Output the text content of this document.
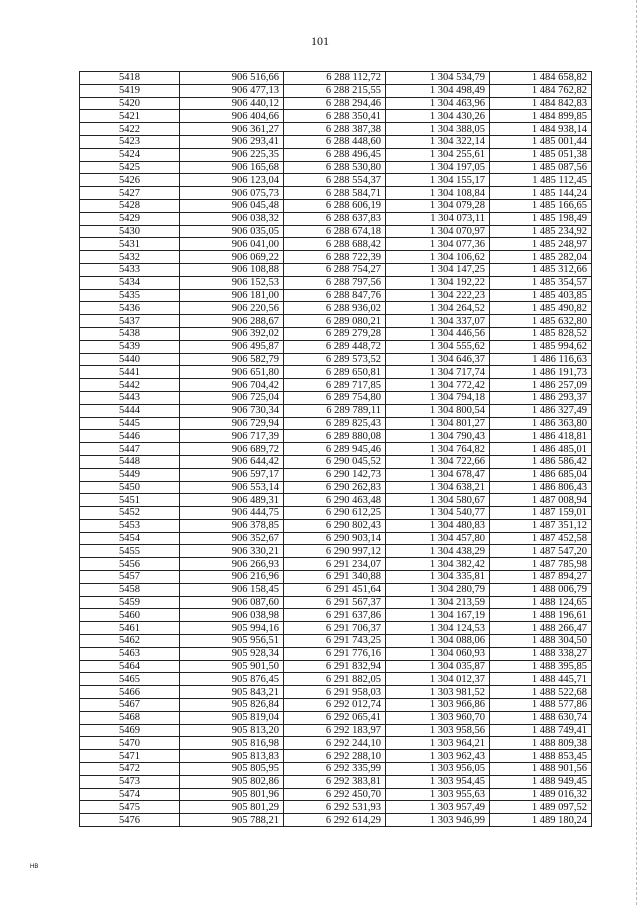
101
5418	906 516,66	6 288 112,72	1 304 534,79	1 484 658,82
5419	906 477,13	6 288 215,55	1 304 498,49	1 484 762,82
5420	906 440,12	6 288 294,46	1 304 463,96	1 484 842,83
5421	906 404,66	6 288 350,41	1 304 430,26	1 484 899,85
5422	906 361,27	6 288 387,38	1 304 388,05	1 484 938,14
5423	906 293,41	6 288 448,60	1 304 322,14	1 485 001,44
5424	906 225,35	6 288 496,45	1 304 255,61	1 485 051,38
5425	906 165,68	6 288 530,80	1 304 197,05	1 485 087,56
5426	906 123,04	6 288 554,37	1 304 155,17	1 485 112,45
5427	906 075,73	6 288 584,71	1 304 108,84	1 485 144,24
5428	906 045,48	6 288 606,19	1 304 079,28	1 485 166,65
5429	906 038,32	6 288 637,83	1 304 073,11	1 485 198,49
5430	906 035,05	6 288 674,18	1 304 070,97	1 485 234,92
5431	906 041,00	6 288 688,42	1 304 077,36	1 485 248,97
5432	906 069,22	6 288 722,39	1 304 106,62	1 485 282,04
5433	906 108,88	6 288 754,27	1 304 147,25	1 485 312,66
5434	906 152,53	6 288 797,56	1 304 192,22	1 485 354,57
5435	906 181,00	6 288 847,76	1 304 222,23	1 485 403,85
5436	906 220,56	6 288 936,02	1 304 264,52	1 485 490,82
5437	906 288,67	6 289 080,21	1 304 337,07	1 485 632,80
5438	906 392,02	6 289 279,28	1 304 446,56	1 485 828,52
5439	906 495,87	6 289 448,72	1 304 555,62	1 485 994,62
5440	906 582,79	6 289 573,52	1 304 646,37	1 486 116,63
5441	906 651,80	6 289 650,81	1 304 717,74	1 486 191,73
5442	906 704,42	6 289 717,85	1 304 772,42	1 486 257,09
5443	906 725,04	6 289 754,80	1 304 794,18	1 486 293,37
5444	906 730,34	6 289 789,11	1 304 800,54	1 486 327,49
5445	906 729,94	6 289 825,43	1 304 801,27	1 486 363,80
5446	906 717,39	6 289 880,08	1 304 790,43	1 486 418,81
5447	906 689,72	6 289 945,46	1 304 764,82	1 486 485,01
5448	906 644,42	6 290 045,52	1 304 722,66	1 486 586,42
5449	906 597,17	6 290 142,73	1 304 678,47	1 486 685,04
5450	906 553,14	6 290 262,83	1 304 638,21	1 486 806,43
5451	906 489,31	6 290 463,48	1 304 580,67	1 487 008,94
5452	906 444,75	6 290 612,25	1 304 540,77	1 487 159,01
5453	906 378,85	6 290 802,43	1 304 480,83	1 487 351,12
5454	906 352,67	6 290 903,14	1 304 457,80	1 487 452,58
5455	906 330,21	6 290 997,12	1 304 438,29	1 487 547,20
5456	906 266,93	6 291 234,07	1 304 382,42	1 487 785,98
5457	906 216,96	6 291 340,88	1 304 335,81	1 487 894,27
5458	906 158,45	6 291 451,64	1 304 280,79	1 488 006,79
5459	906 087,60	6 291 567,37	1 304 213,59	1 488 124,65
5460	906 038,98	6 291 637,86	1 304 167,19	1 488 196,61
5461	905 994,16	6 291 706,37	1 304 124,53	1 488 266,47
5462	905 956,51	6 291 743,25	1 304 088,06	1 488 304,50
5463	905 928,34	6 291 776,16	1 304 060,93	1 488 338,27
5464	905 901,50	6 291 832,94	1 304 035,87	1 488 395,85
5465	905 876,45	6 291 882,05	1 304 012,37	1 488 445,71
5466	905 843,21	6 291 958,03	1 303 981,52	1 488 522,68
5467	905 826,84	6 292 012,74	1 303 966,86	1 488 577,86
5468	905 819,04	6 292 065,41	1 303 960,70	1 488 630,74
5469	905 813,20	6 292 183,97	1 303 958,56	1 488 749,41
5470	905 816,98	6 292 244,10	1 303 964,21	1 488 809,38
5471	905 813,83	6 292 288,10	1 303 962,43	1 488 853,45
5472	905 805,95	6 292 335,99	1 303 956,05	1 488 901,56
5473	905 802,86	6 292 383,81	1 303 954,45	1 488 949,45
5474	905 801,96	6 292 450,70	1 303 955,63	1 489 016,32
5475	905 801,29	6 292 531,93	1 303 957,49	1 489 097,52
5476	905 788,21	6 292 614,29	1 303 946,99	1 489 180,24
HB
